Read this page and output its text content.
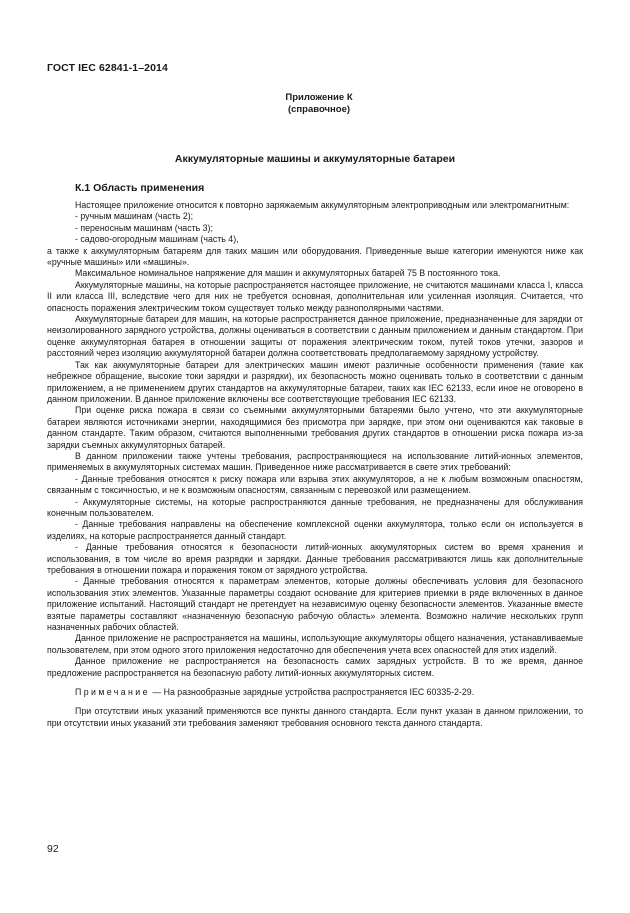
ГОСТ IEC 62841-1–2014
Приложение К
(справочное)
Аккумуляторные машины и аккумуляторные батареи
К.1 Область применения

Настоящее приложение относится к повторно заряжаемым аккумуляторным электроприводным или электромагнитным:

- ручным машинам (часть 2);

- переносным машинам (часть 3);

- садово-огородным машинам (часть 4),

а также к аккумуляторным батареям для таких машин или оборудования. Приведенные выше категории именуются ниже как «ручные машины» или «машины».

Максимальное номинальное напряжение для машин и аккумуляторных батарей 75 В постоянного тока.

Аккумуляторные машины, на которые распространяется настоящее приложение, не считаются машинами класса I, класса II или класса III, вследствие чего для них не требуется основная, дополнительная или усиленная изоляция. Считается, что опасность поражения электрическим током существует только между разнополярными частями.

Аккумуляторные батареи для машин, на которые распространяется данное приложение, предназначенные для зарядки от неизолированного зарядного устройства, должны оцениваться в соответствии с данным приложением и данным стандартом. При оценке аккумуляторная батарея в отношении защиты от поражения электрическим током, путей токов утечки, зазоров и расстояний через изоляцию аккумуляторной батареи должна соответствовать предполагаемому зарядному устройству.

Так как аккумуляторные батареи для электрических машин имеют различные особенности применения (такие как небрежное обращение, высокие токи зарядки и разрядки), их безопасность можно оценивать только в соответствии с данным приложением, а не применением других стандартов на аккумуляторные батареи, таких как IEC 62133, если иное не оговорено в данном приложении. В данное приложение включены все соответствующие требования IEC 62133.

При оценке риска пожара в связи со съемными аккумуляторными батареями было учтено, что эти аккумуляторные батареи являются источниками энергии, находящимися без присмотра при зарядке, при этом они оцениваются как таковые в данном стандарте. Таким образом, считаются выполненными требования других стандартов в отношении риска пожара из-за зарядки съемных аккумуляторных батарей.

В данном приложении также учтены требования, распространяющиеся на использование литий-ионных элементов, применяемых в аккумуляторных системах машин. Приведенное ниже рассматривается в свете этих требований:

- Данные требования относятся к риску пожара или взрыва этих аккумуляторов, а не к любым возможным опасностям, связанным с токсичностью, и не к возможным опасностям, связанным с перевозкой или размещением.

- Аккумуляторные системы, на которые распространяются данные требования, не предназначены для обслуживания конечным пользователем.

- Данные требования направлены на обеспечение комплексной оценки аккумулятора, только если он используется в изделиях, на которые распространяется данный стандарт.

- Данные требования относятся к безопасности литий-ионных аккумуляторных систем во время хранения и использования, в том числе во время разрядки и зарядки. Данные требования рассматриваются лишь как дополнительные требования в отношении пожара и поражения током от зарядного устройства.

- Данные требования относятся к параметрам элементов, которые должны обеспечивать условия для безопасного использования этих элементов. Указанные параметры создают основание для критериев приемки в ряде включенных в данное приложение испытаний. Настоящий стандарт не претендует на независимую оценку безопасности элементов. Указанные вместе взятые параметры составляют «назначенную безопасную рабочую область» элемента. Возможно наличие нескольких групп назначенных рабочих областей.

Данное приложение не распространяется на машины, использующие аккумуляторы общего назначения, устанавливаемые пользователем, при этом одного этого приложения недостаточно для обеспечения учета всех опасностей для этих изделий.

Данное приложение не распространяется на безопасность самих зарядных устройств. В то же время, данное предложение распространяется на безопасную работу литий-ионных аккумуляторных систем.

Примечание — На разнообразные зарядные устройства распространяется IEC 60335-2-29.

При отсутствии иных указаний применяются все пункты данного стандарта. Если пункт указан в данном приложении, то при отсутствии иных указаний эти требования заменяют требования основного текста данного стандарта.

92
